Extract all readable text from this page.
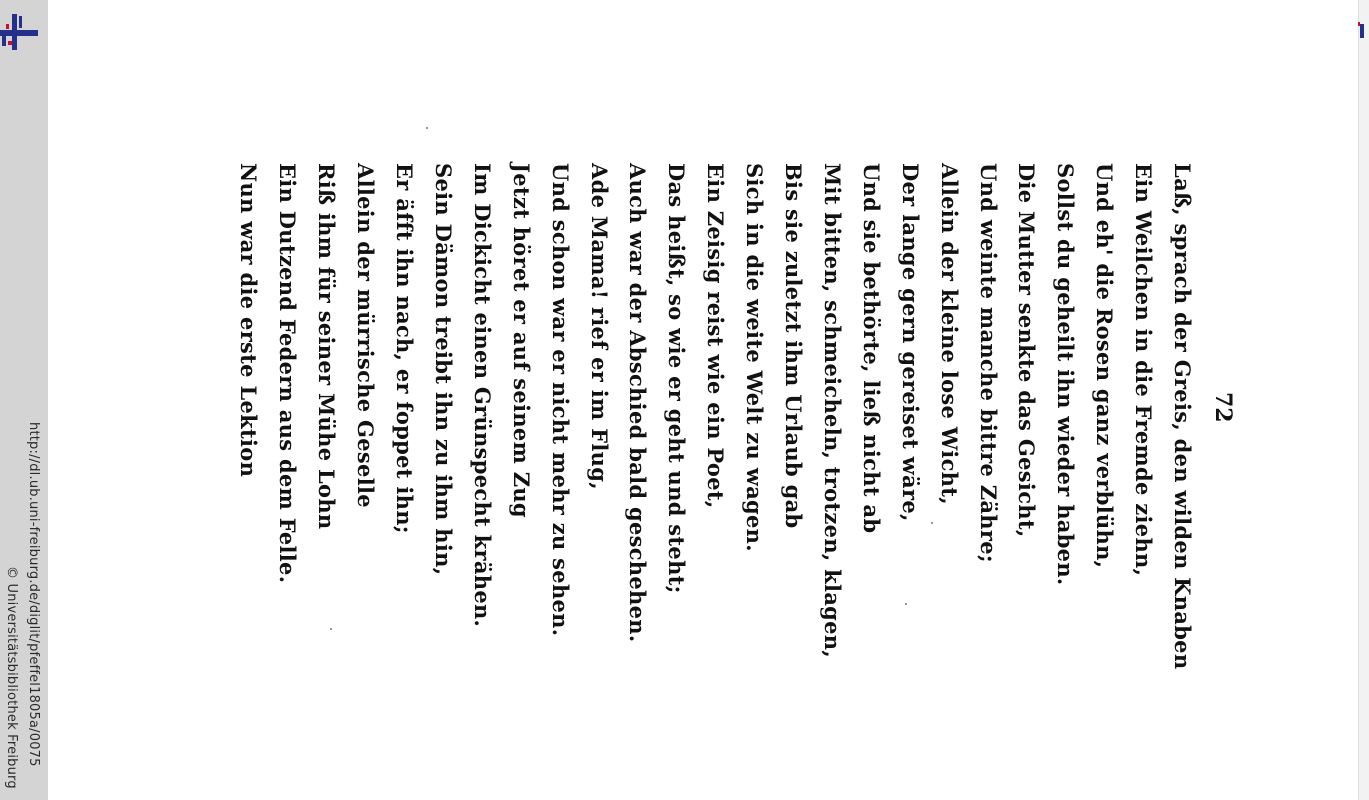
http://dl.ub.uni-freiburg.de/diglit/pfeffel1805a/0075
© Universitätsbibliothek Freiburg
72
Laß, sprach der Greis, den wilden Knaben
Ein Weilchen in die Fremde ziehn,
Und eh' die Rosen ganz verblühn,
Sollst du geheilt ihn wieder haben.
Die Mutter senkte das Gesicht,
Und weinte manche bittre Zähre;
Allein der kleine lose Wicht,
Der lange gern gereiset wäre,
Und sie bethörte, ließ nicht ab
Mit bitten, schmeicheln, trotzen, klagen,
Bis sie zuletzt ihm Urlaub gab
Sich in die weite Welt zu wagen.
Ein Zeisig reist wie ein Poet,
Das heißt, so wie er geht und steht;
Auch war der Abschied bald geschehen.
Ade Mama! rief er im Flug,
Und schon war er nicht mehr zu sehen.
Jetzt höret er auf seinem Zug
Im Dickicht einen Grünspecht krähen.
Sein Dämon treibt ihn zu ihm hin,
Er äfft ihn nach, er foppet ihn;
Allein der mürrische Geselle
Riß ihm für seiner Mühe Lohn
Ein Dutzend Federn aus dem Felle.
Nun war die erste Lektion
